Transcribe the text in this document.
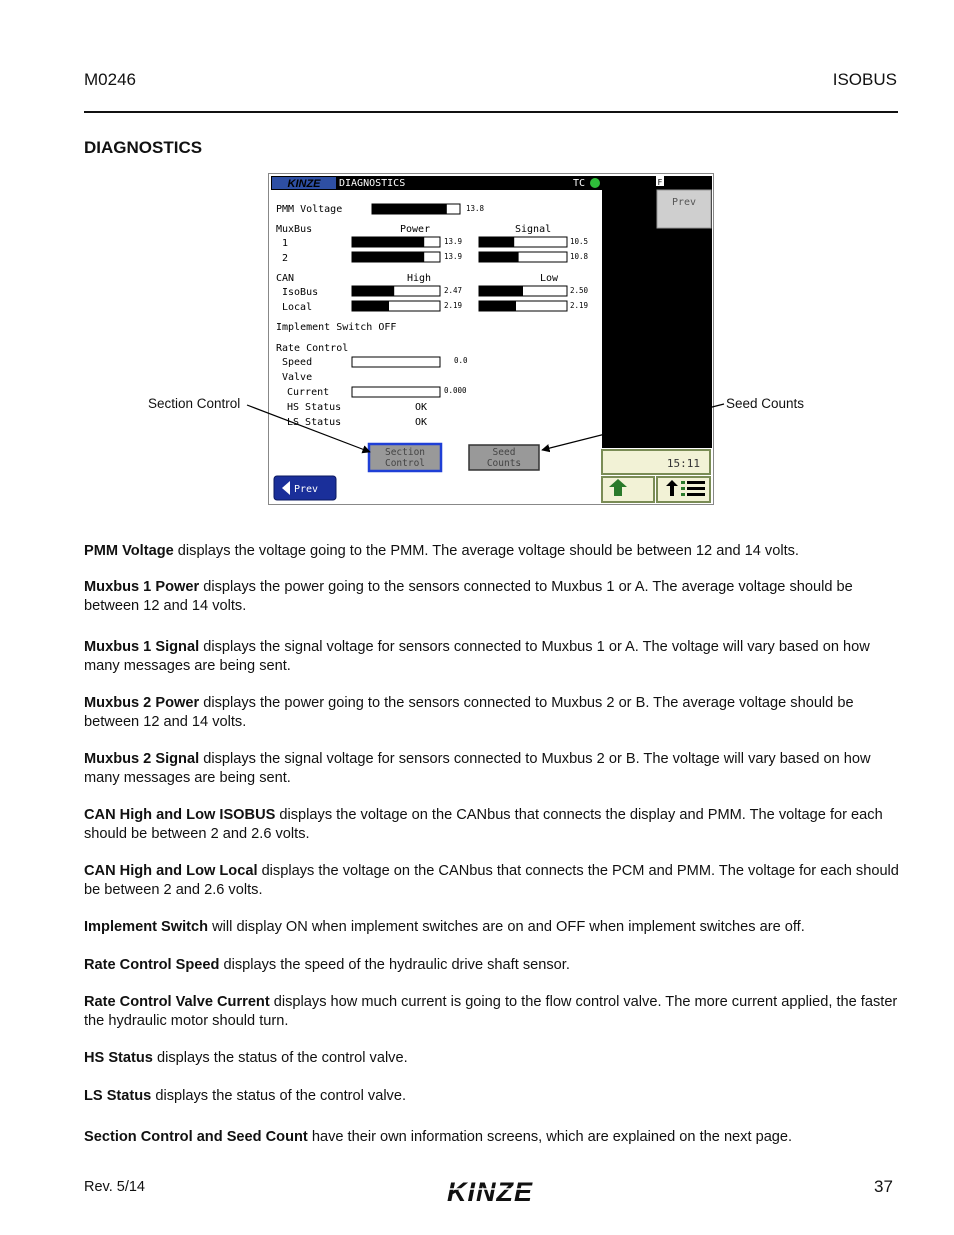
M0246	ISOBUS
DIAGNOSTICS
KINZE DIAGNOSTICS	TC	F
Prev
15:11
PMM Voltage	13.8
MuxBus	Power	Signal
1	13.9	10.5
2	13.9	10.8
CAN	High	Low
IsoBus	2.47	2.50
Local	2.19	2.19
Implement Switch OFF
Rate Control
Speed	0.0
Valve
Current	0.000
HS Status	OK
LS Status	OK
Section
Control
Seed
Counts
Prev
Section Control	Seed Counts
PMM Voltage displays the voltage going to the PMM. The average voltage should be between 12 and 14 volts.
Muxbus 1 Power displays the power going to the sensors connected to Muxbus 1 or A. The average voltage should be between 12 and 14 volts.
Muxbus 1 Signal displays the signal voltage for sensors connected to Muxbus 1 or A. The voltage will vary based on how many messages are being sent.
Muxbus 2 Power displays the power going to the sensors connected to Muxbus 2 or B. The average voltage should be between 12 and 14 volts.
Muxbus 2 Signal displays the signal voltage for sensors connected to Muxbus 2 or B. The voltage will vary based on how many messages are being sent.
CAN High and Low ISOBUS displays the voltage on the CANbus that connects the display and PMM. The voltage for each should be between 2 and 2.6 volts.
CAN High and Low Local displays the voltage on the CANbus that connects the PCM and PMM. The voltage for each should be between 2 and 2.6 volts.
Implement Switch will display ON when implement switches are on and OFF when implement switches are off.
Rate Control Speed displays the speed of the hydraulic drive shaft sensor.
Rate Control Valve Current displays how much current is going to the flow control valve. The more current applied, the faster the hydraulic motor should turn.
HS Status displays the status of the control valve.
LS Status displays the status of the control valve.
Section Control and Seed Count have their own information screens, which are explained on the next page.
Rev. 5/14	KINZE	37
